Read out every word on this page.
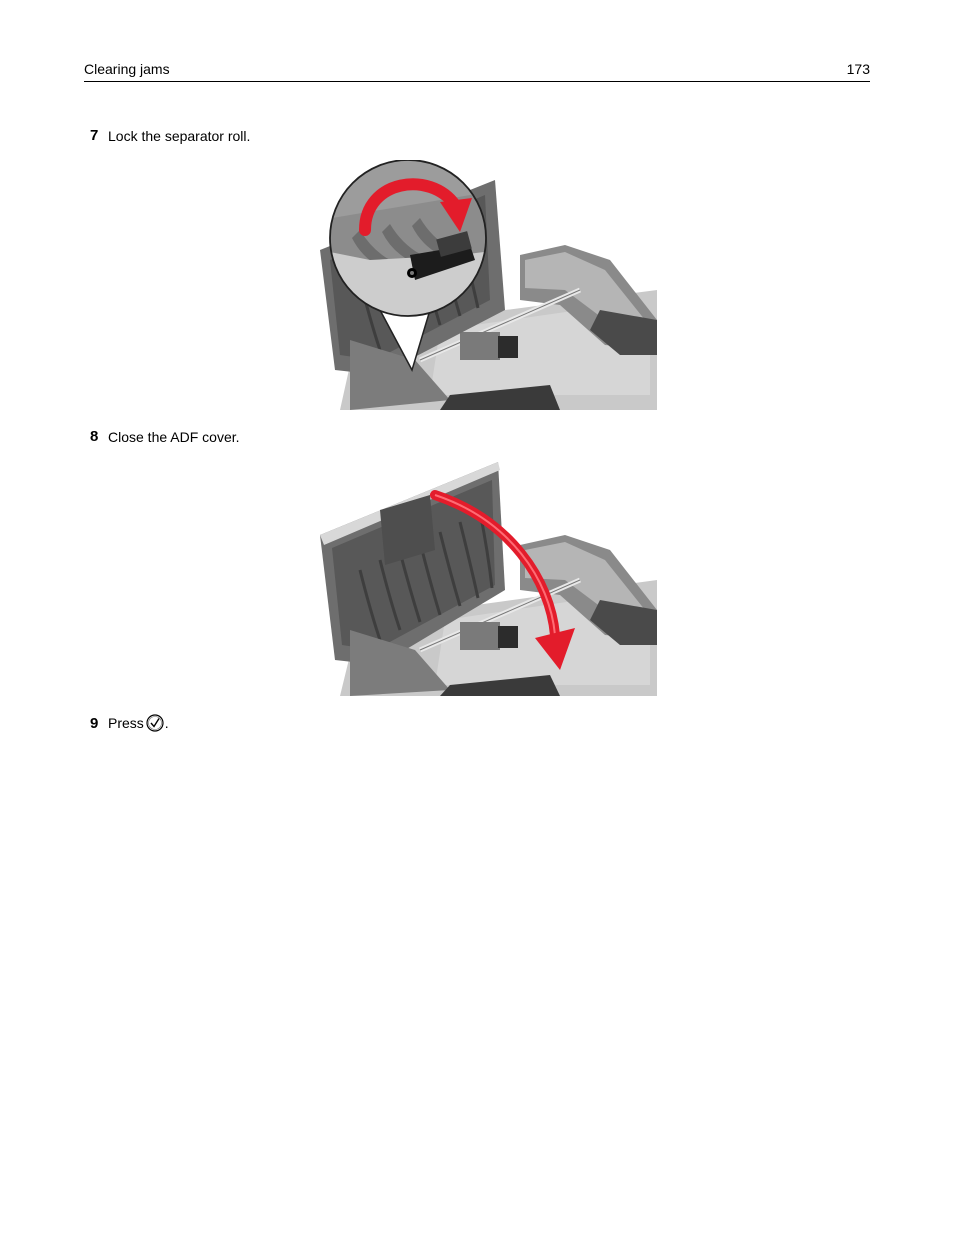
Clearing jams	173
7 Lock the separator roll.
8 Close the ADF cover.
9 Press .
